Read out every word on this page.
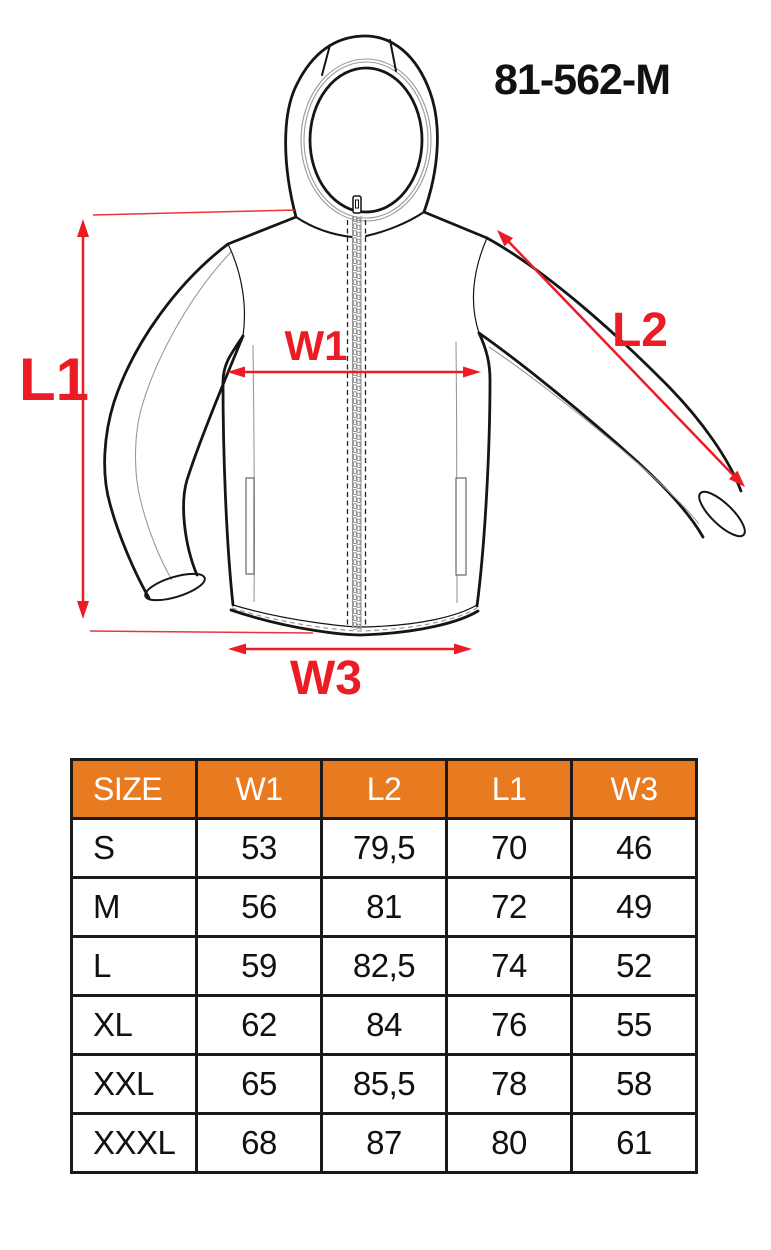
81-562-M
L1
W1	L2
W3
SIZE	W1	L2	L1	W3
S	53	79,5	70	46
M	56	81	72	49
L	59	82,5	74	52
XL	62	84	76	55
XXL	65	85,5	78	58
XXXL	68	87	80	61
